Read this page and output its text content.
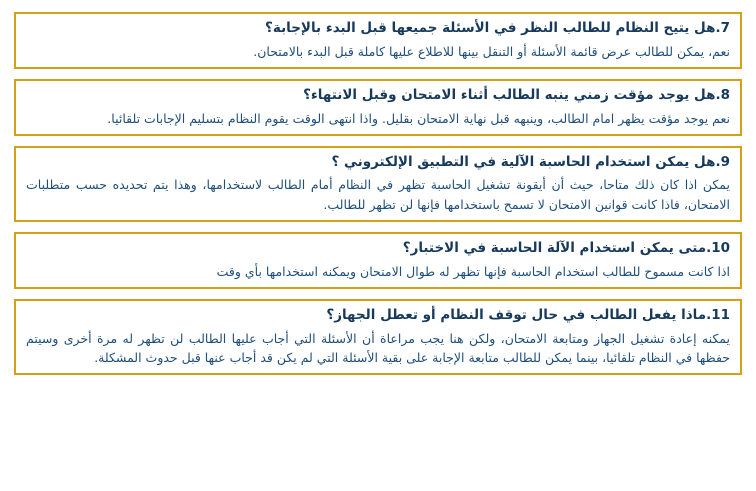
7.هل يتيح النظام للطالب النظر في الأسئلة جميعها قبل البدء بالإجابة؟

نعم، يمكن للطالب عرض قائمة الأسئلة أو التنقل بينها للاطلاع عليها كاملة قبل البدء بالامتحان.

8.هل يوجد مؤقت زمني ينبه الطالب أثناء الامتحان وقبل الانتهاء؟

نعم يوجد مؤقت يظهر امام الطالب، وينبهه قبل نهاية الامتحان بقليل. واذا انتهى الوقت يقوم النظام بتسليم الإجابات تلقائيا.

9.هل يمكن استخدام الحاسبة الآلية في التطبيق الإلكتروني ؟

يمكن اذا كان ذلك متاحا، حيث أن أيقونة تشغيل الحاسبة تظهر في النظام أمام الطالب لاستخدامها، وهذا يتم تحديده حسب متطلبات الامتحان، فاذا كانت قوانين الامتحان لا تسمح باستخدامها فإنها لن تظهر للطالب.

10.متى يمكن استخدام الآلة الحاسبة في الاختبار؟

اذا كانت مسموح للطالب استخدام الحاسبة فإنها تظهر له طوال الامتحان ويمكنه استخدامها بأي وقت

11.ماذا يفعل الطالب في حال توقف النظام أو تعطل الجهاز؟

يمكنه إعادة تشغيل الجهاز ومتابعة الامتحان، ولكن هنا يجب مراعاة أن الأسئلة التي أجاب عليها الطالب لن تظهر له مرة أخرى وسيتم حفظها في النظام تلقائيا، بينما يمكن للطالب متابعة الإجابة على بقية الأسئلة التي لم يكن قد أجاب عنها قبل حدوث المشكلة.
